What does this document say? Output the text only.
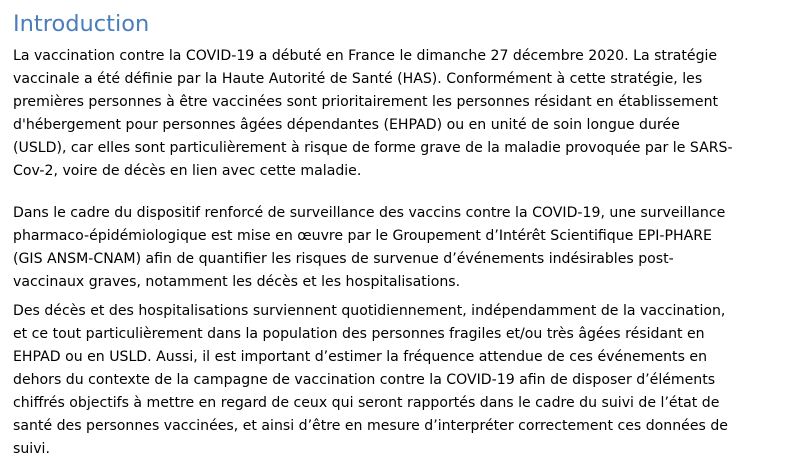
Introduction

La vaccination contre la COVID-19 a débuté en France le dimanche 27 décembre 2020. La stratégie
vaccinale a été définie par la Haute Autorité de Santé (HAS). Conformément à cette stratégie, les
premières personnes à être vaccinées sont prioritairement les personnes résidant en établissement
d'hébergement pour personnes âgées dépendantes (EHPAD) ou en unité de soin longue durée
(USLD), car elles sont particulièrement à risque de forme grave de la maladie provoquée par le SARS-
Cov-2, voire de décès en lien avec cette maladie.

Dans le cadre du dispositif renforcé de surveillance des vaccins contre la COVID-19, une surveillance
pharmaco-épidémiologique est mise en œuvre par le Groupement d’Intérêt Scientifique EPI-PHARE
(GIS ANSM-CNAM) afin de quantifier les risques de survenue d’événements indésirables post-
vaccinaux graves, notamment les décès et les hospitalisations.

Des décès et des hospitalisations surviennent quotidiennement, indépendamment de la vaccination,
et ce tout particulièrement dans la population des personnes fragiles et/ou très âgées résidant en
EHPAD ou en USLD. Aussi, il est important d’estimer la fréquence attendue de ces événements en
dehors du contexte de la campagne de vaccination contre la COVID-19 afin de disposer d’éléments
chiffrés objectifs à mettre en regard de ceux qui seront rapportés dans le cadre du suivi de l’état de
santé des personnes vaccinées, et ainsi d’être en mesure d’interpréter correctement ces données de
suivi.
